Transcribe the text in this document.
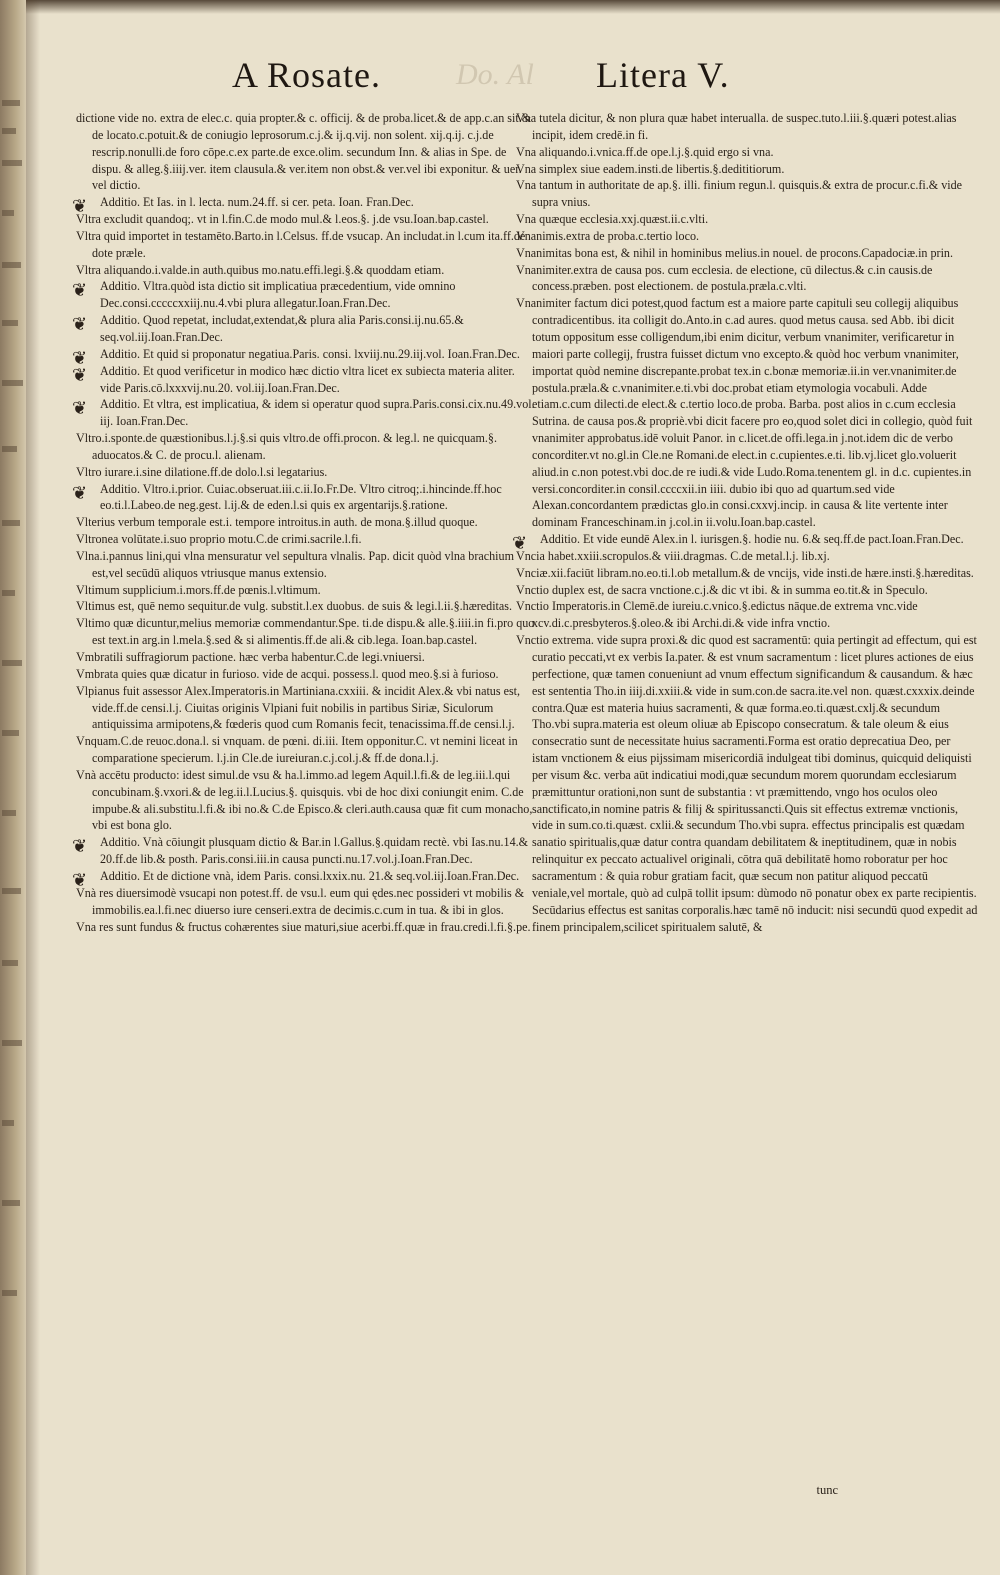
Do. Al
A Rosate.	Litera V.
dictione vide no. extra de elec.c. quia propter.& c. officij. & de proba.licet.& de app.c.an sit.& de locato.c.potuit.& de coniugio leprosorum.c.j.& ij.q.vij. non solent. xij.q.ij. c.j.de rescrip.nonulli.de foro cōpe.c.ex parte.de exce.olim. secundum Inn. & alias in Spe. de dispu. & alleg.§.iiij.ver. item clausula.& ver.item non obst.& ver.vel ibi exponitur. & uer. vel dictio.
❦ Additio. Et Ias. in l. lecta. num.24.ff. si cer. peta. Ioan. Fran.Dec.
Vltra excludit quandoq;. vt in l.fin.C.de modo mul.& l.eos.§. j.de vsu.Ioan.bap.castel.
Vltra quid importet in testamēto.Barto.in l.Celsus. ff.de vsucap. An includat.in l.cum ita.ff.de dote præle.
Vltra aliquando.i.valde.in auth.quibus mo.natu.effi.legi.§.& quoddam etiam.
❦ Additio. Vltra.quòd ista dictio sit implicatiua præcedentium, vide omnino Dec.consi.cccccxxiij.nu.4.vbi plura allegatur.Ioan.Fran.Dec.
❦ Additio. Quod repetat, includat,extendat,& plura alia Paris.consi.ij.nu.65.& seq.vol.iij.Ioan.Fran.Dec.
❦ Additio. Et quid si proponatur negatiua.Paris. consi. lxviij.nu.29.iij.vol. Ioan.Fran.Dec.
❦ Additio. Et quod verificetur in modico hæc dictio vltra licet ex subiecta materia aliter. vide Paris.cō.lxxxvij.nu.20. vol.iij.Ioan.Fran.Dec.
❦ Additio. Et vltra, est implicatiua, & idem si operatur quod supra.Paris.consi.cix.nu.49.vol. iij. Ioan.Fran.Dec.
Vltro.i.sponte.de quæstionibus.l.j.§.si quis vltro.de offi.procon. & leg.l. ne quicquam.§. aduocatos.& C. de procu.l. alienam.
Vltro iurare.i.sine dilatione.ff.de dolo.l.si legatarius.
❦ Additio. Vltro.i.prior. Cuiac.obseruat.iii.c.ii.Io.Fr.De. Vltro citroq;.i.hincinde.ff.hoc eo.ti.l.Labeo.de neg.gest. l.ij.& de eden.l.si quis ex argentarijs.§.ratione.
Vlterius verbum temporale est.i. tempore introitus.in auth. de mona.§.illud quoque.
Vltronea volūtate.i.suo proprio motu.C.de crimi.sacrile.l.fi.
Vlna.i.pannus lini,qui vlna mensuratur vel sepultura vlnalis. Pap. dicit quòd vlna brachium est,vel secūdū aliquos vtriusque manus extensio.
Vltimum supplicium.i.mors.ff.de pœnis.l.vltimum.
Vltimus est, quē nemo sequitur.de vulg. substit.l.ex duobus. de suis & legi.l.ii.§.hæreditas.
Vltimo quæ dicuntur,melius memoriæ commendantur.Spe. ti.de dispu.& alle.§.iiii.in fi.pro quo est text.in arg.in l.mela.§.sed & si alimentis.ff.de ali.& cib.lega. Ioan.bap.castel.
Vmbratili suffragiorum pactione. hæc verba habentur.C.de legi.vniuersi.
Vmbrata quies quæ dicatur in furioso. vide de acqui. possess.l. quod meo.§.si à furioso.
Vlpianus fuit assessor Alex.Imperatoris.in Martiniana.cxxiii. & incidit Alex.& vbi natus est, vide.ff.de censi.l.j. Ciuitas originis Vlpiani fuit nobilis in partibus Siriæ, Siculorum antiquissima armipotens,& fœderis quod cum Romanis fecit, tenacissima.ff.de censi.l.j.
Vnquam.C.de reuoc.dona.l. si vnquam. de pœni. di.iii. Item opponitur.C. vt nemini liceat in comparatione specierum. l.j.in Cle.de iureiuran.c.j.col.j.& ff.de dona.l.j.
Vnà accētu producto: idest simul.de vsu & ha.l.immo.ad legem Aquil.l.fi.& de leg.iii.l.qui concubinam.§.vxori.& de leg.ii.l.Lucius.§. quisquis. vbi de hoc dixi coniungit enim. C.de impube.& ali.substitu.l.fi.& ibi no.& C.de Episco.& cleri.auth.causa quæ fit cum monacho, vbi est bona glo.
❦ Additio. Vnà cōiungit plusquam dictio & Bar.in l.Gallus.§.quidam rectè. vbi Ias.nu.14.& 20.ff.de lib.& posth. Paris.consi.iii.in causa puncti.nu.17.vol.j.Ioan.Fran.Dec.
❦ Additio. Et de dictione vnà, idem Paris. consi.lxxix.nu. 21.& seq.vol.iij.Ioan.Fran.Dec.
Vnà res diuersimodè vsucapi non potest.ff. de vsu.l. eum qui ędes.nec possideri vt mobilis & immobilis.ea.l.fi.nec diuerso iure censeri.extra de decimis.c.cum in tua. & ibi in glos.
Vna res sunt fundus & fructus cohærentes siue maturi,siue acerbi.ff.quæ in frau.credi.l.fi.§.pe.
Vna tutela dicitur, & non plura quæ habet interualla. de suspec.tuto.l.iii.§.quæri potest.alias incipit, idem credē.in fi.
Vna aliquando.i.vnica.ff.de ope.l.j.§.quid ergo si vna.
Vna simplex siue eadem.insti.de libertis.§.dedititiorum.
Vna tantum in authoritate de ap.§. illi. finium regun.l. quisquis.& extra de procur.c.fi.& vide supra vnius.
Vna quæque ecclesia.xxj.quæst.ii.c.vlti.
Vnanimis.extra de proba.c.tertio loco.
Vnanimitas bona est, & nihil in hominibus melius.in nouel. de procons.Capadociæ.in prin.
Vnanimiter.extra de causa pos. cum ecclesia. de electione, cū dilectus.& c.in causis.de concess.præben. post electionem. de postula.præla.c.vlti.
Vnanimiter factum dici potest,quod factum est a maiore parte capituli seu collegij aliquibus contradicentibus. ita colligit do.Anto.in c.ad aures. quod metus causa. sed Abb. ibi dicit totum oppositum esse colligendum,ibi enim dicitur, verbum vnanimiter, verificaretur in maiori parte collegij, frustra fuisset dictum vno excepto.& quòd hoc verbum vnanimiter, importat quòd nemine discrepante.probat tex.in c.bonæ memoriæ.ii.in ver.vnanimiter.de postula.præla.& c.vnanimiter.e.ti.vbi doc.probat etiam etymologia vocabuli. Adde etiam.c.cum dilecti.de elect.& c.tertio loco.de proba. Barba. post alios in c.cum ecclesia Sutrina. de causa pos.& propriè.vbi dicit facere pro eo,quod solet dici in collegio, quòd fuit vnanimiter approbatus.idē voluit Panor. in c.licet.de offi.lega.in j.not.idem dic de verbo concorditer.vt no.gl.in Cle.ne Romani.de elect.in c.cupientes.e.ti. lib.vj.licet glo.voluerit aliud.in c.non potest.vbi doc.de re iudi.& vide Ludo.Roma.tenentem gl. in d.c. cupientes.in versi.concorditer.in consil.ccccxii.in iiii. dubio ibi quo ad quartum.sed vide Alexan.concordantem prædictas glo.in consi.cxxvj.incip. in causa & lite vertente inter dominam Franceschinam.in j.col.in ii.volu.Ioan.bap.castel.
❦ Additio. Et vide eundē Alex.in l. iurisgen.§. hodie nu. 6.& seq.ff.de pact.Ioan.Fran.Dec.
Vncia habet.xxiii.scropulos.& viii.dragmas. C.de metal.l.j. lib.xj.
Vnciæ.xii.faciūt libram.no.eo.ti.l.ob metallum.& de vncijs, vide insti.de hære.insti.§.hæreditas.
Vnctio duplex est, de sacra vnctione.c.j.& dic vt ibi. & in summa eo.tit.& in Speculo.
Vnctio Imperatoris.in Clemē.de iureiu.c.vnico.§.edictus nāque.de extrema vnc.vide xcv.di.c.presbyteros.§.oleo.& ibi Archi.di.& vide infra vnctio.
Vnctio extrema. vide supra proxi.& dic quod est sacramentū: quia pertingit ad effectum, qui est curatio peccati,vt ex verbis Ia.pater. & est vnum sacramentum : licet plures actiones de eius perfectione, quæ tamen conueniunt ad vnum effectum significandum & causandum. & hæc est sententia Tho.in iiij.di.xxiii.& vide in sum.con.de sacra.ite.vel non. quæst.cxxxix.deinde contra.Quæ est materia huius sacramenti, & quæ forma.eo.ti.quæst.cxlj.& secundum Tho.vbi supra.materia est oleum oliuæ ab Episcopo consecratum. & tale oleum & eius consecratio sunt de necessitate huius sacramenti.Forma est oratio deprecatiua Deo, per istam vnctionem & eius pijssimam misericordiā indulgeat tibi dominus, quicquid deliquisti per visum &c. verba aūt indicatiui modi,quæ secundum morem quorundam ecclesiarum præmittuntur orationi,non sunt de substantia : vt præmittendo, vngo hos oculos oleo sanctificato,in nomine patris & filij & spiritussancti.Quis sit effectus extremæ vnctionis, vide in sum.co.ti.quæst. cxlii.& secundum Tho.vbi supra. effectus principalis est quædam sanatio spiritualis,quæ datur contra quandam debilitatem & ineptitudinem, quæ in nobis relinquitur ex peccato actualivel originali, cōtra quā debilitatē homo roboratur per hoc sacramentum : & quia robur gratiam facit, quæ secum non patitur aliquod peccatū veniale,vel mortale, quò ad culpā tollit ipsum: dùmodo nō ponatur obex ex parte recipientis. Secūdarius effectus est sanitas corporalis.hæc tamē nō inducit: nisi secundū quod expedit ad finem principalem,scilicet spiritualem salutē, &
tunc
